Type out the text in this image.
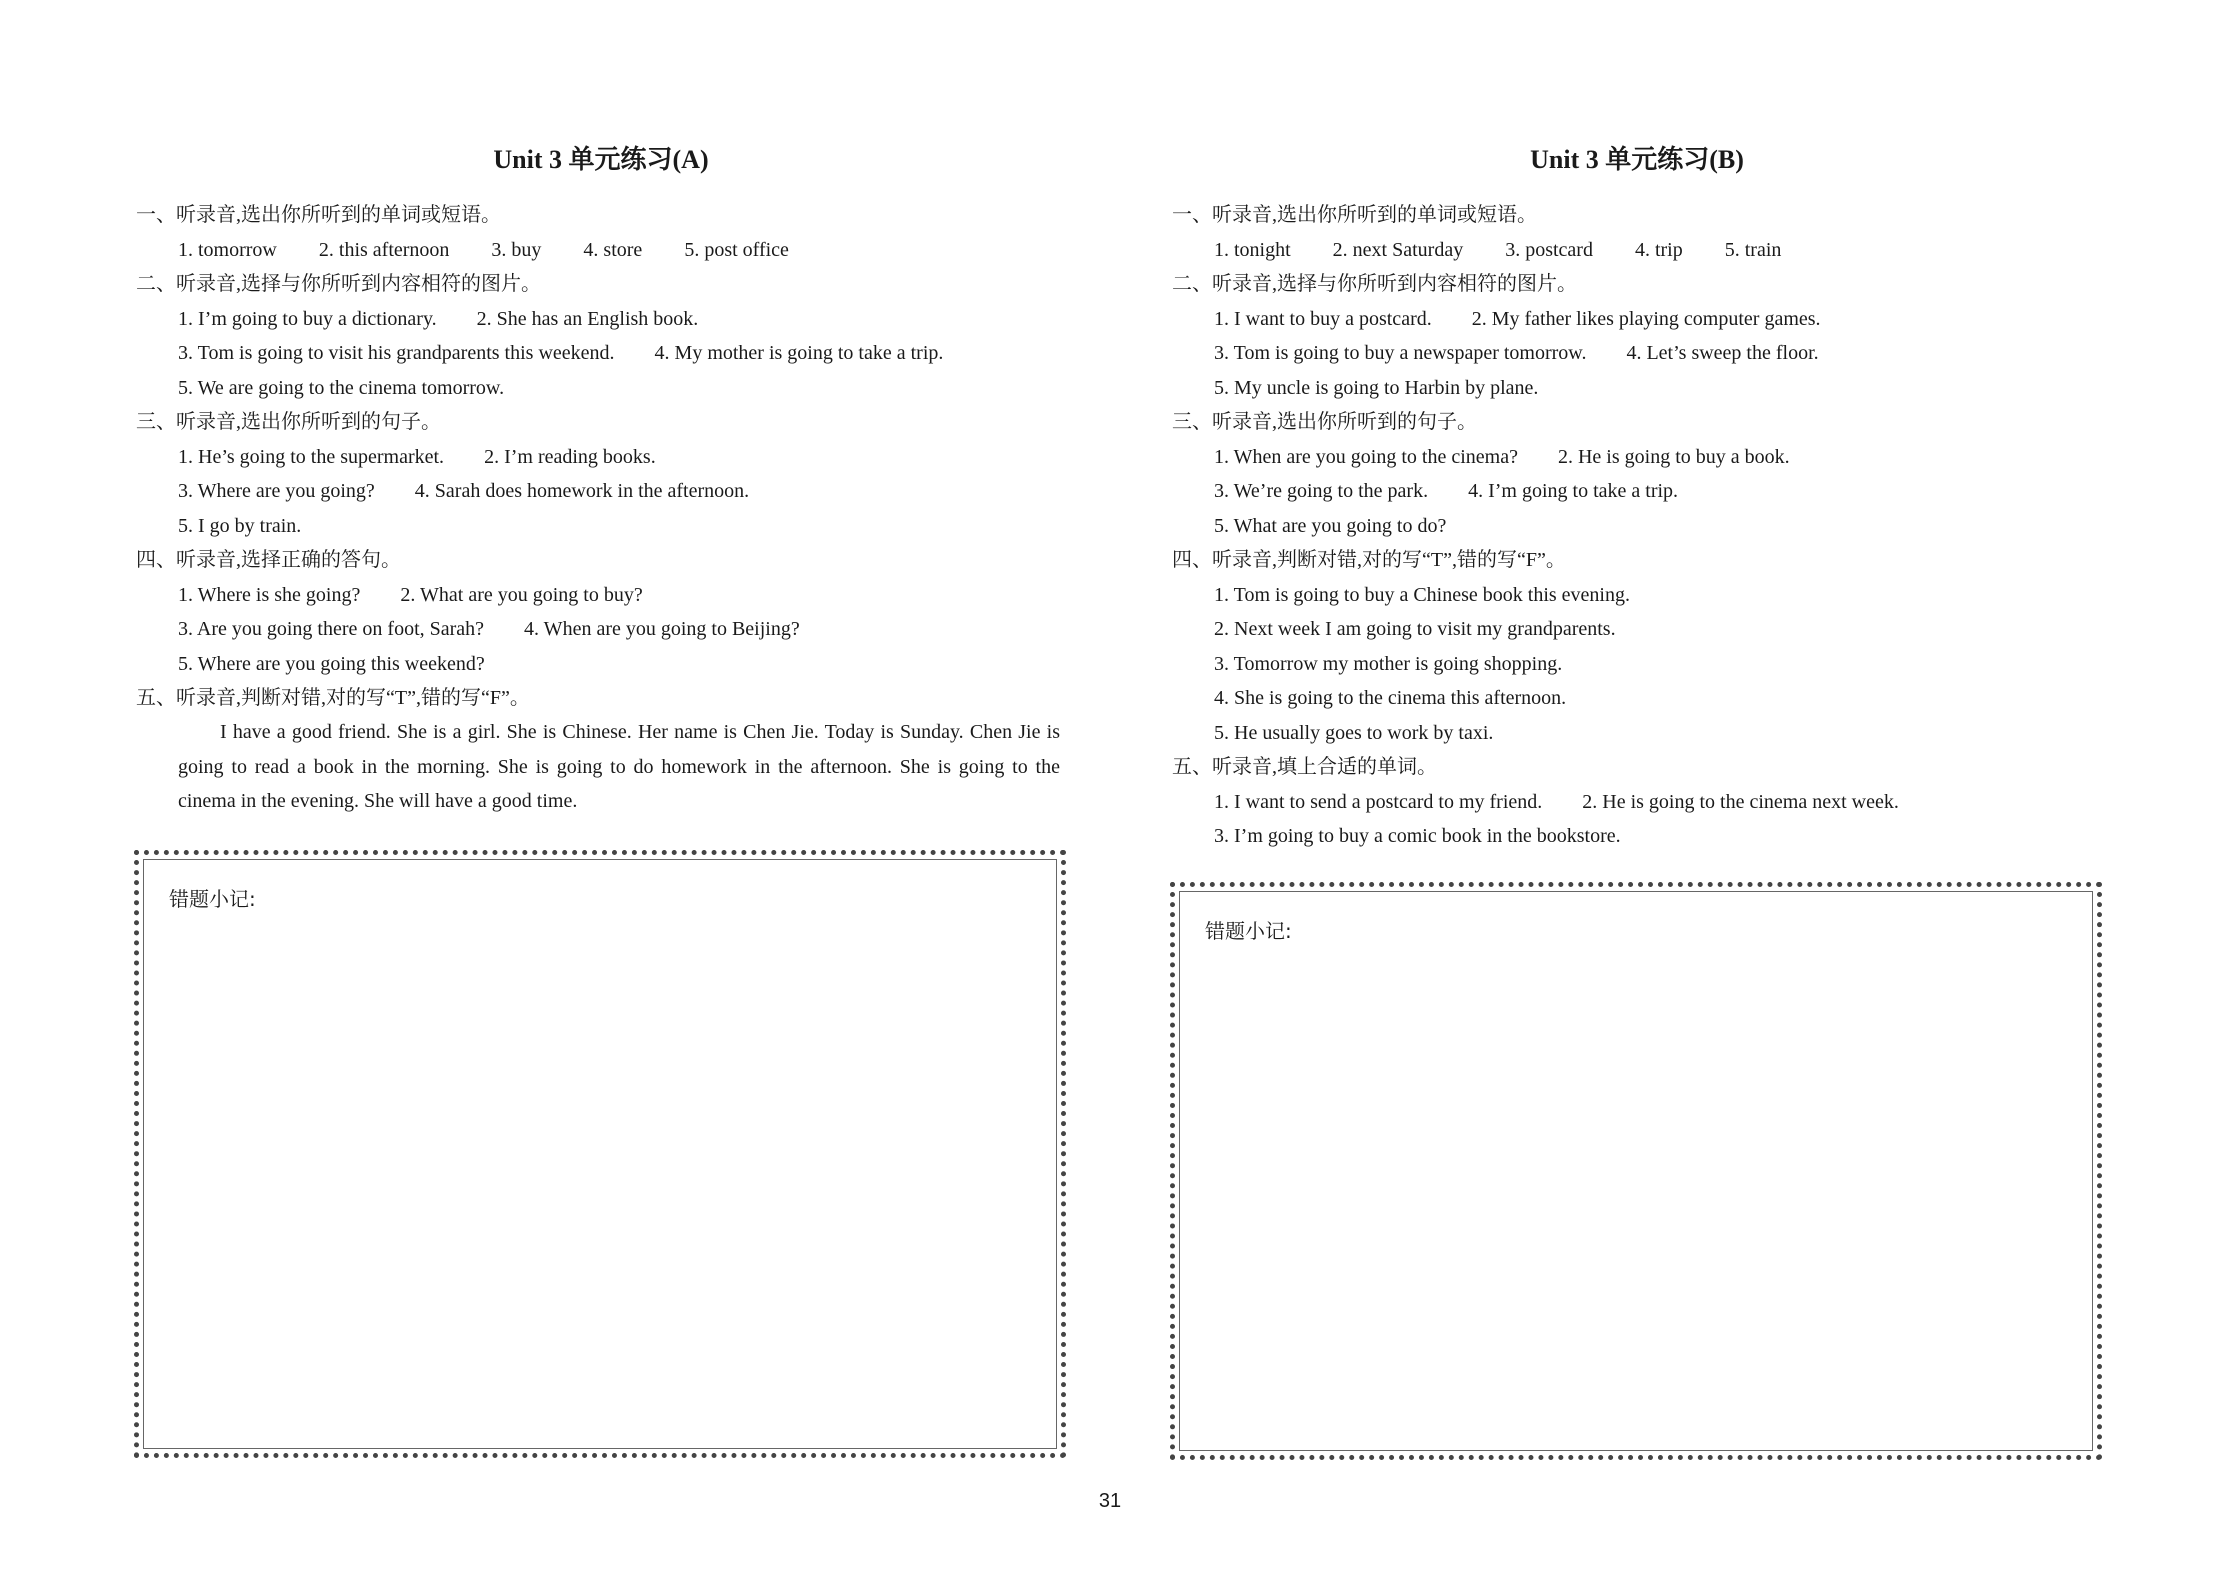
Unit 3 单元练习(A)
一、听录音,选出你所听到的单词或短语。
1. tomorrow 2. this afternoon 3. buy 4. store 5. post office
二、听录音,选择与你所听到内容相符的图片。
1. I’m going to buy a dictionary. 2. She has an English book.
3. Tom is going to visit his grandparents this weekend. 4. My mother is going to take a trip.
5. We are going to the cinema tomorrow.
三、听录音,选出你所听到的句子。
1. He’s going to the supermarket. 2. I’m reading books.
3. Where are you going? 4. Sarah does homework in the afternoon.
5. I go by train.
四、听录音,选择正确的答句。
1. Where is she going? 2. What are you going to buy?
3. Are you going there on foot, Sarah? 4. When are you going to Beijing?
5. Where are you going this weekend?
五、听录音,判断对错,对的写“T”,错的写“F”。
I have a good friend. She is a girl. She is Chinese. Her name is Chen Jie. Today is Sunday. Chen Jie is going to read a book in the morning. She is going to do homework in the afternoon. She is going to the cinema in the evening. She will have a good time.
错题小记:
Unit 3 单元练习(B)
一、听录音,选出你所听到的单词或短语。
1. tonight 2. next Saturday 3. postcard 4. trip 5. train
二、听录音,选择与你所听到内容相符的图片。
1. I want to buy a postcard. 2. My father likes playing computer games.
3. Tom is going to buy a newspaper tomorrow. 4. Let’s sweep the floor.
5. My uncle is going to Harbin by plane.
三、听录音,选出你所听到的句子。
1. When are you going to the cinema? 2. He is going to buy a book.
3. We’re going to the park. 4. I’m going to take a trip.
5. What are you going to do?
四、听录音,判断对错,对的写“T”,错的写“F”。
1. Tom is going to buy a Chinese book this evening.
2. Next week I am going to visit my grandparents.
3. Tomorrow my mother is going shopping.
4. She is going to the cinema this afternoon.
5. He usually goes to work by taxi.
五、听录音,填上合适的单词。
1. I want to send a postcard to my friend. 2. He is going to the cinema next week.
3. I’m going to buy a comic book in the bookstore.
错题小记:
31
